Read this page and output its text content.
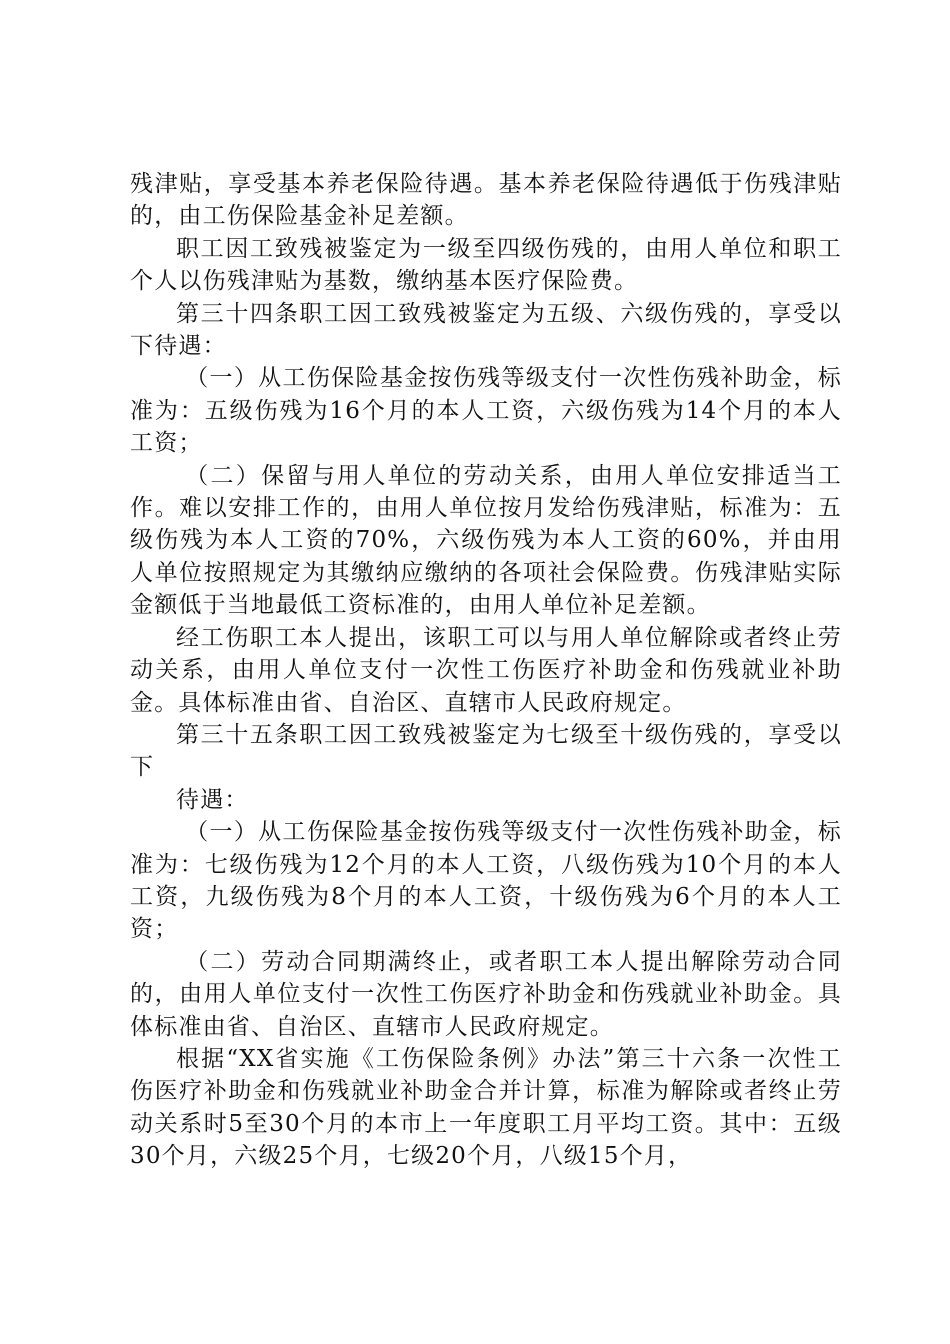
残津贴，享受基本养老保险待遇。基本养老保险待遇低于伤残津贴的，由工伤保险基金补足差额。

职工因工致残被鉴定为一级至四级伤残的，由用人单位和职工个人以伤残津贴为基数，缴纳基本医疗保险费。

第三十四条职工因工致残被鉴定为五级、六级伤残的，享受以下待遇：

（一）从工伤保险基金按伤残等级支付一次性伤残补助金，标准为：五级伤残为16个月的本人工资，六级伤残为14个月的本人工资；

（二）保留与用人单位的劳动关系，由用人单位安排适当工作。难以安排工作的，由用人单位按月发给伤残津贴，标准为：五级伤残为本人工资的70%，六级伤残为本人工资的60%，并由用人单位按照规定为其缴纳应缴纳的各项社会保险费。伤残津贴实际金额低于当地最低工资标准的，由用人单位补足差额。

经工伤职工本人提出，该职工可以与用人单位解除或者终止劳动关系，由用人单位支付一次性工伤医疗补助金和伤残就业补助金。具体标准由省、自治区、直辖市人民政府规定。

第三十五条职工因工致残被鉴定为七级至十级伤残的，享受以下

待遇：

（一）从工伤保险基金按伤残等级支付一次性伤残补助金，标准为：七级伤残为12个月的本人工资，八级伤残为10个月的本人工资，九级伤残为8个月的本人工资，十级伤残为6个月的本人工资；

（二）劳动合同期满终止，或者职工本人提出解除劳动合同的，由用人单位支付一次性工伤医疗补助金和伤残就业补助金。具体标准由省、自治区、直辖市人民政府规定。

根据“XX省实施《工伤保险条例》办法”第三十六条一次性工伤医疗补助金和伤残就业补助金合并计算，标准为解除或者终止劳动关系时5至30个月的本市上一年度职工月平均工资。其中：五级30个月，六级25个月，七级20个月，八级15个月，
